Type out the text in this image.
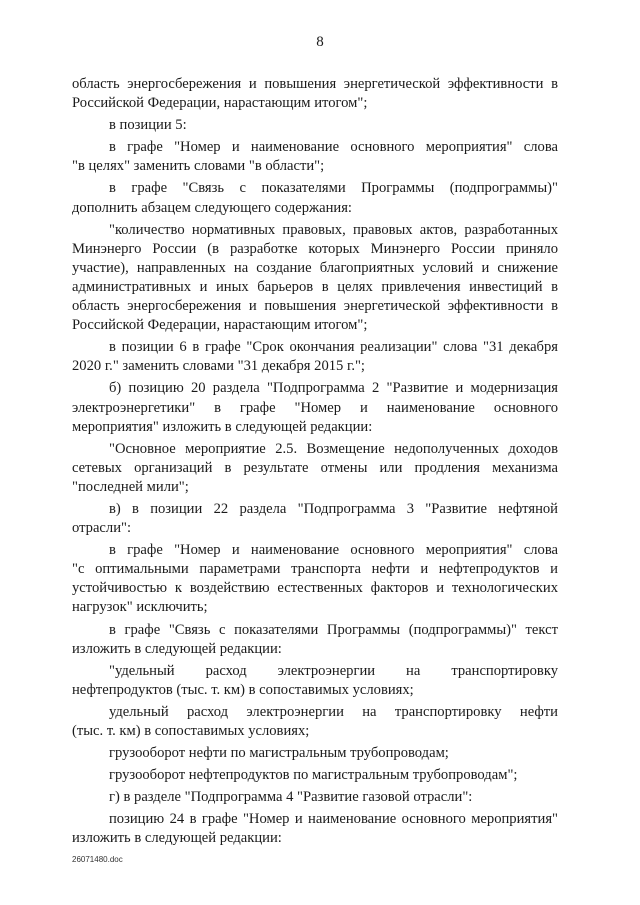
8
область энергосбережения и повышения энергетической эффективности в
Российской Федерации, нарастающим итогом";
в позиции 5:
в графе "Номер и наименование основного мероприятия" слова
"в целях" заменить словами "в области";
в графе "Связь с показателями Программы (подпрограммы)"
дополнить абзацем следующего содержания:
"количество нормативных правовых, правовых актов, разработанных
Минэнерго России (в разработке которых Минэнерго России приняло
участие), направленных на создание благоприятных условий и снижение
административных и иных барьеров в целях привлечения инвестиций в
область энергосбережения и повышения энергетической эффективности в
Российской Федерации, нарастающим итогом";
в позиции 6 в графе "Срок окончания реализации" слова "31 декабря
2020 г." заменить словами "31 декабря 2015 г.";
б) позицию 20 раздела "Подпрограмма 2 "Развитие и модернизация
электроэнергетики" в графе "Номер и наименование основного
мероприятия" изложить в следующей редакции:
"Основное мероприятие 2.5. Возмещение недополученных доходов
сетевых организаций в результате отмены или продления механизма
"последней мили";
в) в позиции 22 раздела "Подпрограмма 3 "Развитие нефтяной
отрасли":
в графе "Номер и наименование основного мероприятия" слова
"с оптимальными параметрами транспорта нефти и нефтепродуктов и
устойчивостью к воздействию естественных факторов и технологических
нагрузок" исключить;
в графе "Связь с показателями Программы (подпрограммы)" текст
изложить в следующей редакции:
"удельный расход электроэнергии на транспортировку
нефтепродуктов (тыс. т. км) в сопоставимых условиях;
удельный расход электроэнергии на транспортировку нефти
(тыс. т. км) в сопоставимых условиях;
грузооборот нефти по магистральным трубопроводам;
грузооборот нефтепродуктов по магистральным трубопроводам";
г) в разделе "Подпрограмма 4 "Развитие газовой отрасли":
позицию 24 в графе "Номер и наименование основного мероприятия"
изложить в следующей редакции:
26071480.doc
